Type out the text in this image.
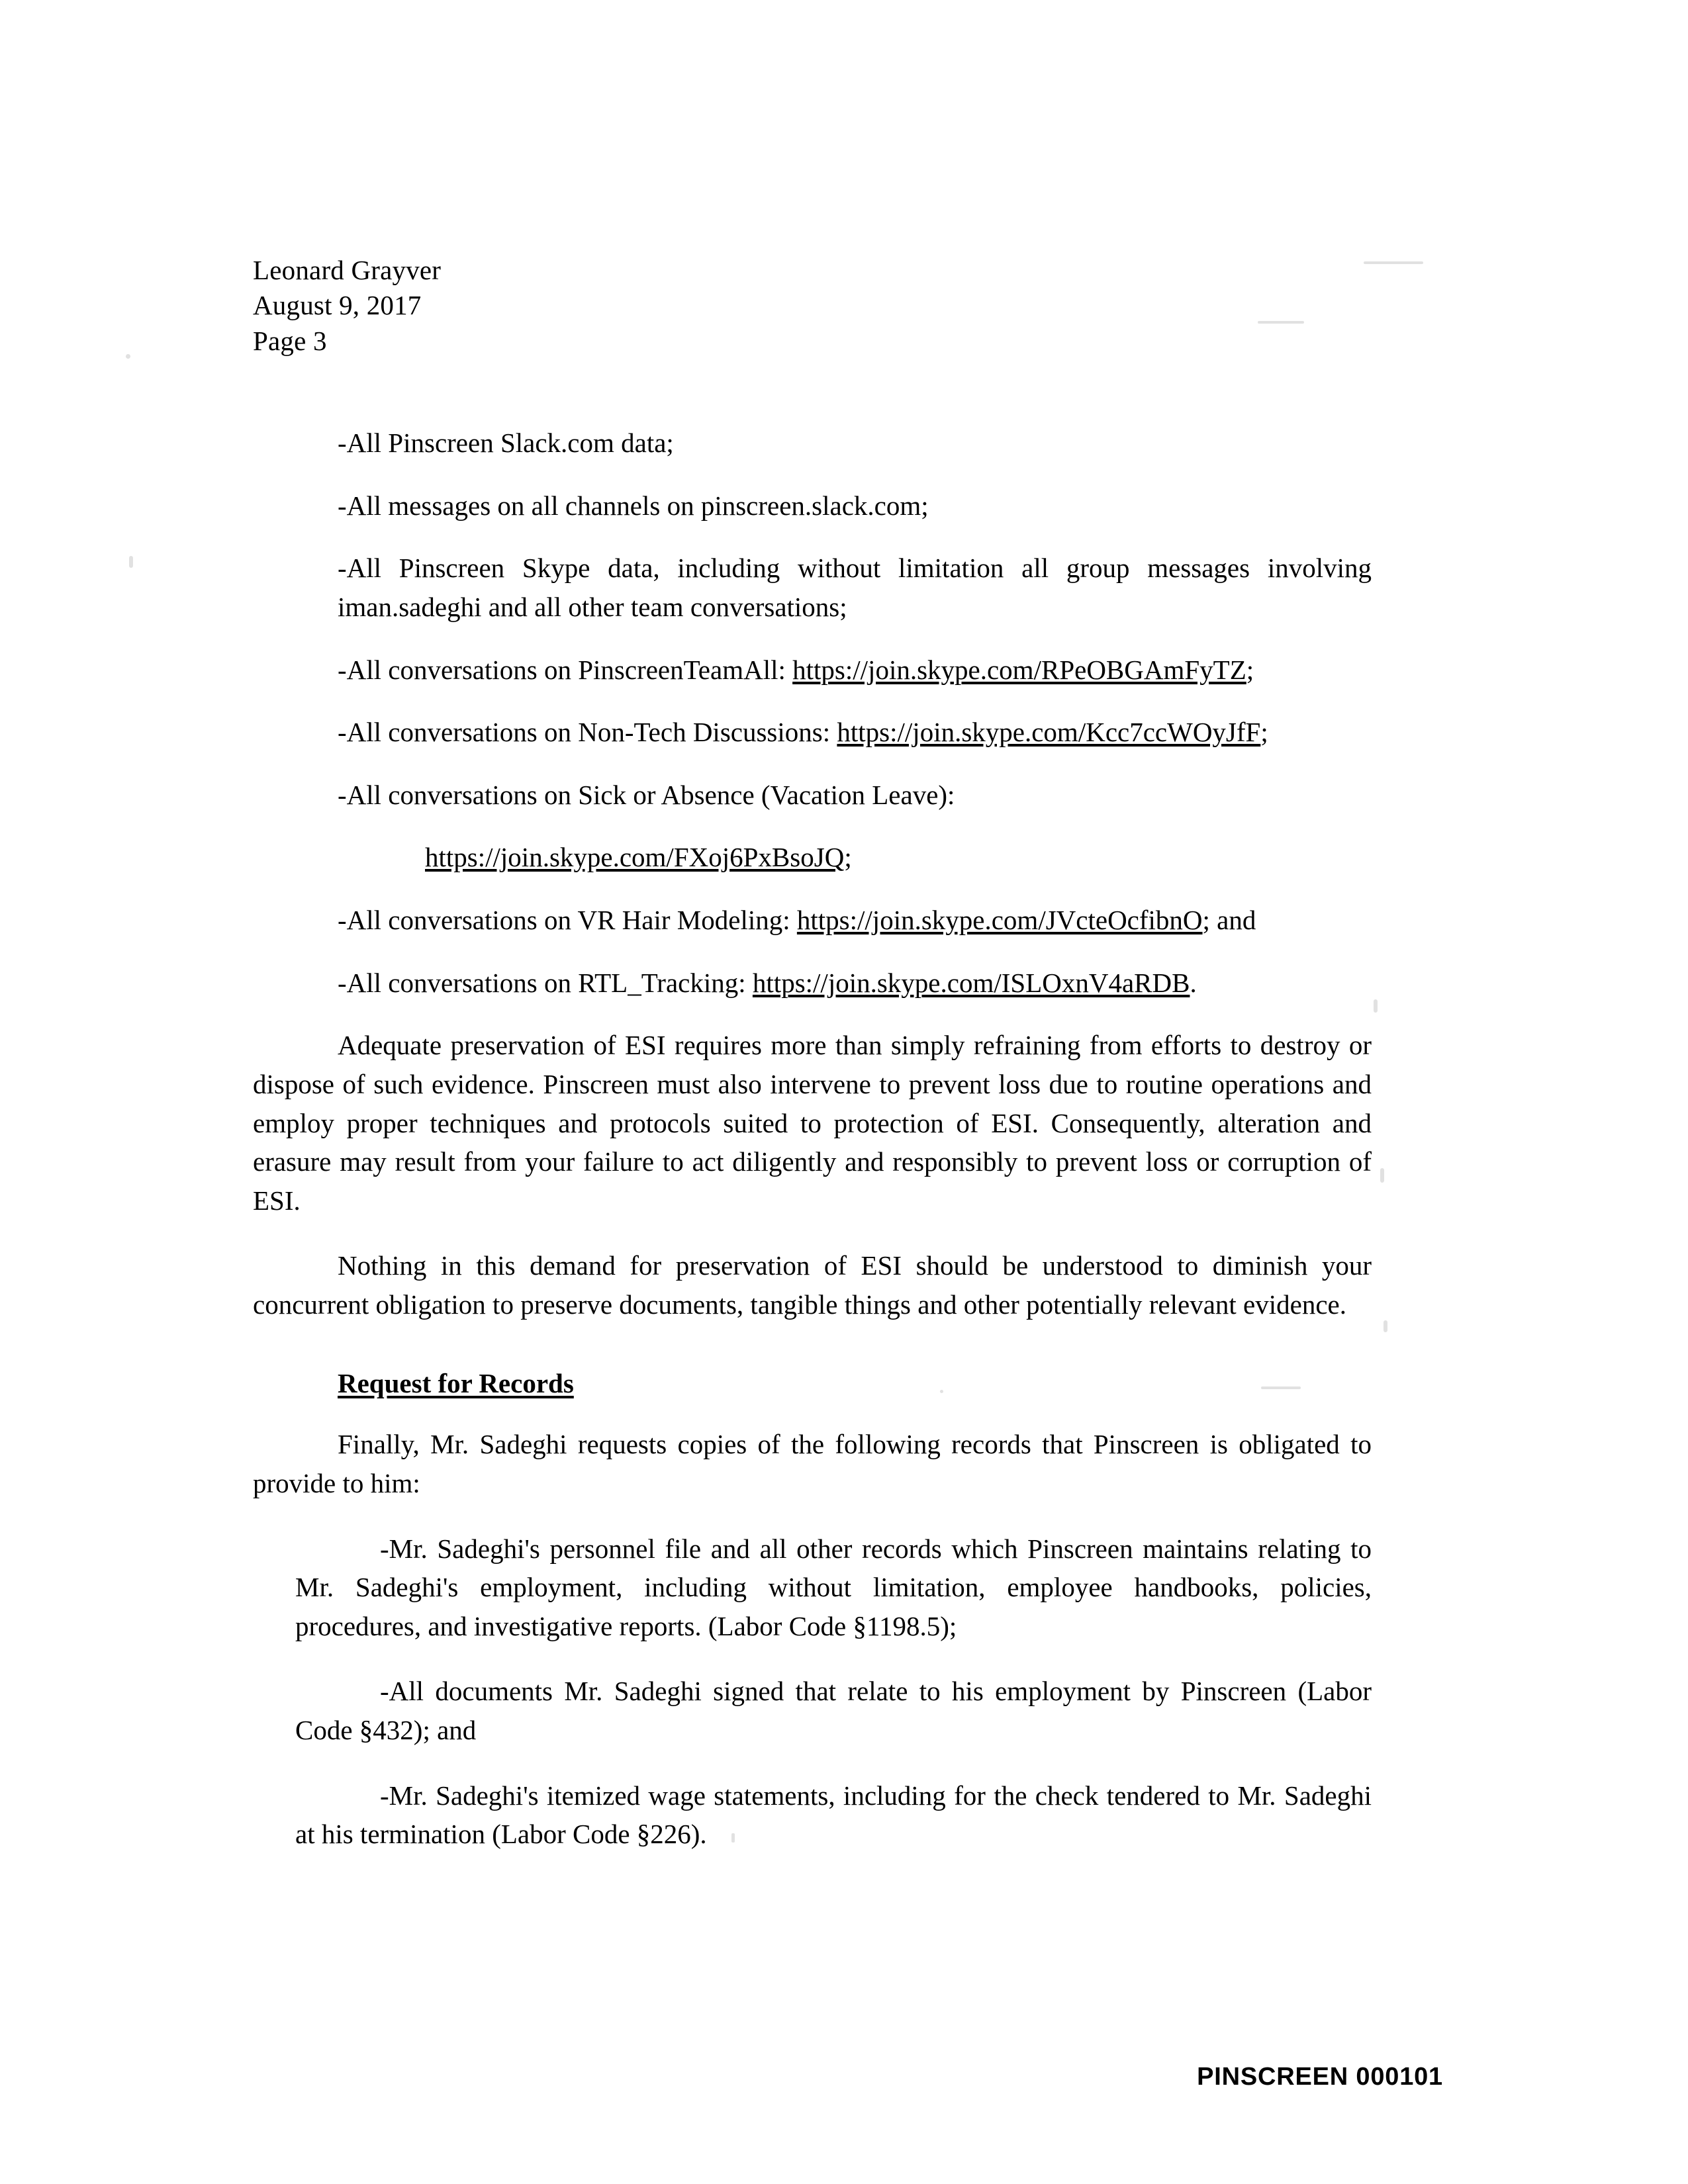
Leonard Grayver
August 9, 2017
Page 3

-All Pinscreen Slack.com data;

-All messages on all channels on pinscreen.slack.com;

-All Pinscreen Skype data, including without limitation all group messages involving iman.sadeghi and all other team conversations;

-All conversations on PinscreenTeamAll: https://join.skype.com/RPeOBGAmFyTZ;

-All conversations on Non-Tech Discussions: https://join.skype.com/Kcc7ccWOyJfF;

-All conversations on Sick or Absence (Vacation Leave):

https://join.skype.com/FXoj6PxBsoJQ;

-All conversations on VR Hair Modeling: https://join.skype.com/JVcteOcfibnO; and

-All conversations on RTL_Tracking: https://join.skype.com/ISLOxnV4aRDB.

Adequate preservation of ESI requires more than simply refraining from efforts to destroy or dispose of such evidence. Pinscreen must also intervene to prevent loss due to routine operations and employ proper techniques and protocols suited to protection of ESI. Consequently, alteration and erasure may result from your failure to act diligently and responsibly to prevent loss or corruption of ESI.

Nothing in this demand for preservation of ESI should be understood to diminish your concurrent obligation to preserve documents, tangible things and other potentially relevant evidence.

Request for Records

Finally, Mr. Sadeghi requests copies of the following records that Pinscreen is obligated to provide to him:

-Mr. Sadeghi's personnel file and all other records which Pinscreen maintains relating to Mr. Sadeghi's employment, including without limitation, employee handbooks, policies, procedures, and investigative reports. (Labor Code §1198.5);

-All documents Mr. Sadeghi signed that relate to his employment by Pinscreen (Labor Code §432); and

-Mr. Sadeghi's itemized wage statements, including for the check tendered to Mr. Sadeghi at his termination (Labor Code §226).

PINSCREEN 000101
